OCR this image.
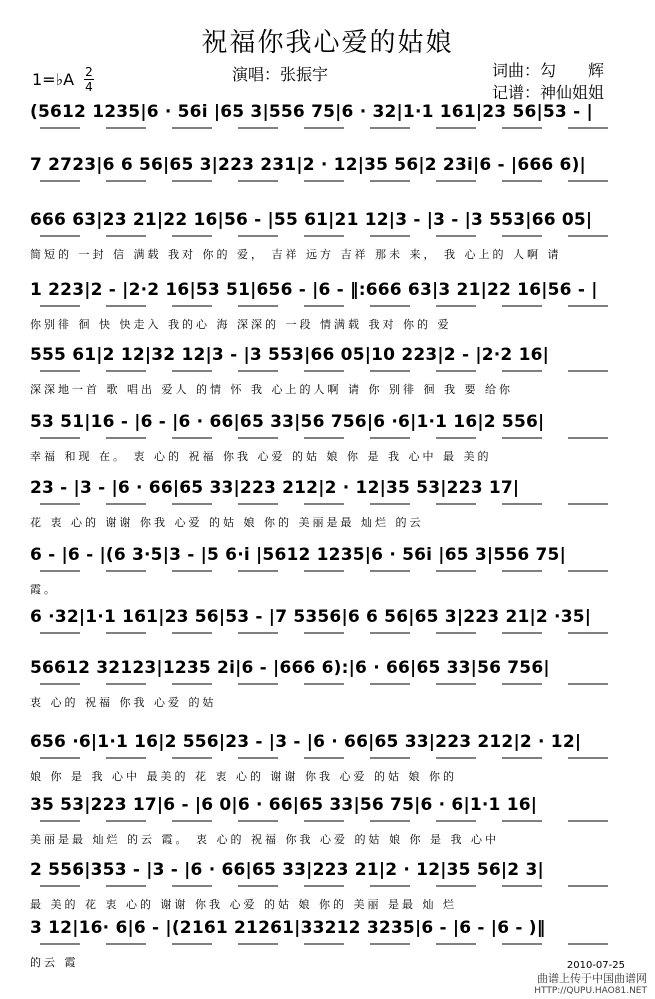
祝福你我心爱的姑娘
演唱：张振宇	词曲：勾　　辉
记谱：神仙姐姐
1=♭A 2
4
(5612 1235|6 · 56i |65 3|556 75|6 · 32|1·1 161|23 56|53 - |
7 2723|6 6 56|65 3|223 231|2 · 12|35 56|2 23i|6 - |666 6)|
666 63|23 21|22 16|56 - |55 61|21 12|3 - |3 - |3 553|66 05|
简短的 一封 信 满载 我对 你的 爱， 吉祥 远方 吉祥 那未 来， 我 心上的 人啊 请
1 223|2 - |2·2 16|53 51|656 - |6 - ‖:666 63|3 21|22 16|56 - |
你别徘 徊 快 快走入 我的心 海 深深的 一段 情满载 我对 你的 爱
555 61|2 12|32 12|3 - |3 553|66 05|10 223|2 - |2·2 16|
深深地一首 歌 唱出 爱人 的情 怀 我 心上的人啊 请 你 别徘 徊 我 要 给你
53 51|16 - |6 - |6 · 66|65 33|56 756|6 ·6|1·1 16|2 556|
幸福 和现 在。 衷 心的 祝福 你我 心爱 的姑 娘 你 是 我 心中 最 美的
23 - |3 - |6 · 66|65 33|223 212|2 · 12|35 53|223 17|
花 衷 心的 谢谢 你我 心爱 的姑 娘 你的 美丽是最 灿烂 的云
6 - |6 - |(6 3·5|3 - |5 6·i |5612 1235|6 · 56i |65 3|556 75|
霞。
6 ·32|1·1 161|23 56|53 - |7 5356|6 6 56|65 3|223 21|2 ·35|
56612 32123|1235 2i|6 - |666 6):|6 · 66|65 33|56 756|
衷 心的 祝福 你我 心爱 的姑
656 ·6|1·1 16|2 556|23 - |3 - |6 · 66|65 33|223 212|2 · 12|
娘 你 是 我 心中 最美的 花 衷 心的 谢谢 你我 心爱 的姑 娘 你的
35 53|223 17|6 - |6 0|6 · 66|65 33|56 75|6 · 6|1·1 16|
美丽是最 灿烂 的云 霞。 衷 心的 祝福 你我 心爱 的姑 娘 你 是 我 心中
2 556|353 - |3 - |6 · 66|65 33|223 21|2 · 12|35 56|2 3|
最 美的 花 衷 心的 谢谢 你我 心爱 的姑 娘 你的 美丽 是最 灿 烂
3 12|16· 6|6 - |(2161 21261|33212 3235|6 - |6 - |6 - )‖
的云 霞	2010-07-25
曲谱上传于中国曲谱网
HTTP://QUPU.HAO81.NET
